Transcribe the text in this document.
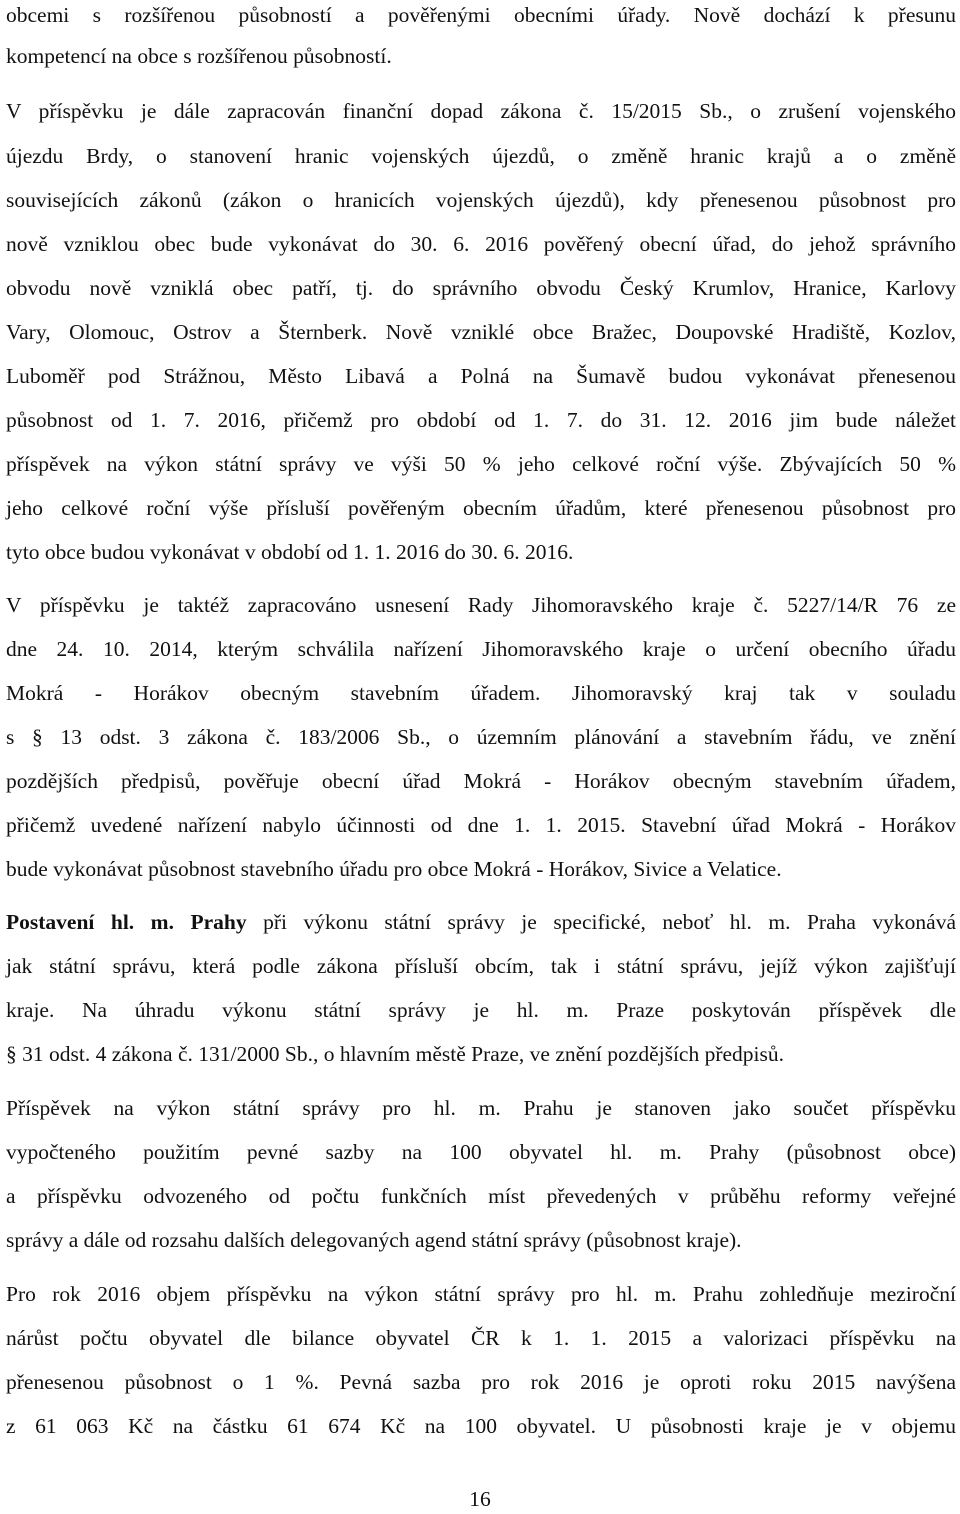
obcemi s rozšířenou působností a pověřenými obecními úřady. Nově dochází k přesunu

kompetencí na obce s rozšířenou působností.

V příspěvku je dále zapracován finanční dopad zákona č. 15/2015 Sb., o zrušení vojenského

újezdu Brdy, o stanovení hranic vojenských újezdů, o změně hranic krajů a o změně

souvisejících zákonů (zákon o hranicích vojenských újezdů), kdy přenesenou působnost pro

nově vzniklou obec bude vykonávat do 30. 6. 2016 pověřený obecní úřad, do jehož správního

obvodu nově vzniklá obec patří, tj. do správního obvodu Český Krumlov, Hranice, Karlovy

Vary, Olomouc, Ostrov a Šternberk. Nově vzniklé obce Bražec, Doupovské Hradiště, Kozlov,

Luboměř pod Strážnou, Město Libavá a Polná na Šumavě budou vykonávat přenesenou

působnost od 1. 7. 2016, přičemž pro období od 1. 7. do 31. 12. 2016 jim bude náležet

příspěvek na výkon státní správy ve výši 50 % jeho celkové roční výše. Zbývajících 50 %

jeho celkové roční výše přísluší pověřeným obecním úřadům, které přenesenou působnost pro

tyto obce budou vykonávat v období od 1. 1. 2016 do 30. 6. 2016.

V příspěvku je taktéž zapracováno usnesení Rady Jihomoravského kraje č. 5227/14/R 76 ze

dne 24. 10. 2014, kterým schválila nařízení Jihomoravského kraje o určení obecního úřadu

Mokrá - Horákov obecným stavebním úřadem. Jihomoravský kraj tak v souladu

s § 13 odst. 3 zákona č. 183/2006 Sb., o územním plánování a stavebním řádu, ve znění

pozdějších předpisů, pověřuje obecní úřad Mokrá - Horákov obecným stavebním úřadem,

přičemž uvedené nařízení nabylo účinnosti od dne 1. 1. 2015. Stavební úřad Mokrá - Horákov

bude vykonávat působnost stavebního úřadu pro obce Mokrá - Horákov, Sivice a Velatice.

Postavení hl. m. Prahy při výkonu státní správy je specifické, neboť hl. m. Praha vykonává

jak státní správu, která podle zákona přísluší obcím, tak i státní správu, jejíž výkon zajišťují

kraje. Na úhradu výkonu státní správy je hl. m. Praze poskytován příspěvek dle

§ 31 odst. 4 zákona č. 131/2000 Sb., o hlavním městě Praze, ve znění pozdějších předpisů.

Příspěvek na výkon státní správy pro hl. m. Prahu je stanoven jako součet příspěvku

vypočteného použitím pevné sazby na 100 obyvatel hl. m. Prahy (působnost obce)

a příspěvku odvozeného od počtu funkčních míst převedených v průběhu reformy veřejné

správy a dále od rozsahu dalších delegovaných agend státní správy (působnost kraje).

Pro rok 2016 objem příspěvku na výkon státní správy pro hl. m. Prahu zohledňuje meziroční

nárůst počtu obyvatel dle bilance obyvatel ČR k 1. 1. 2015 a valorizaci příspěvku na

přenesenou působnost o 1 %. Pevná sazba pro rok 2016 je oproti roku 2015 navýšena

z 61 063 Kč na částku 61 674 Kč na 100 obyvatel. U působnosti kraje je v objemu

16
